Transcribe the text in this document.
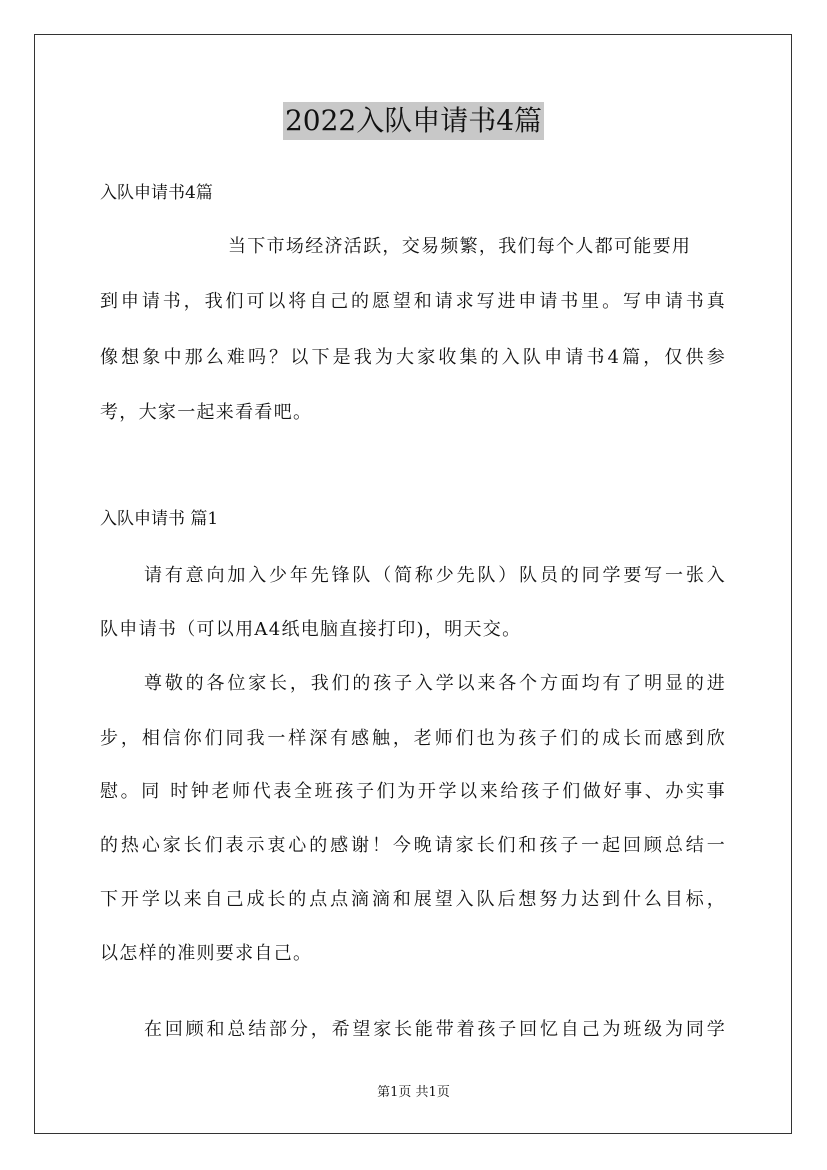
2022入队申请书4篇
入队申请书4篇
当下市场经济活跃，交易频繁，我们每个人都可能要用
到申请书，我们可以将自己的愿望和请求写进申请书里。写申请书真
像想象中那么难吗？以下是我为大家收集的入队申请书4篇，仅供参
考，大家一起来看看吧。
入队申请书 篇1
请有意向加入少年先锋队（简称少先队）队员的同学要写一张入
队申请书（可以用A4纸电脑直接打印)，明天交。
尊敬的各位家长，我们的孩子入学以来各个方面均有了明显的进
步，相信你们同我一样深有感触，老师们也为孩子们的成长而感到欣
慰。同 时钟老师代表全班孩子们为开学以来给孩子们做好事、办实事
的热心家长们表示衷心的感谢！今晚请家长们和孩子一起回顾总结一
下开学以来自己成长的点点滴滴和展望入队后想努力达到什么目标，
以怎样的准则要求自己。
在回顾和总结部分，希望家长能带着孩子回忆自己为班级为同学
第1页 共1页
